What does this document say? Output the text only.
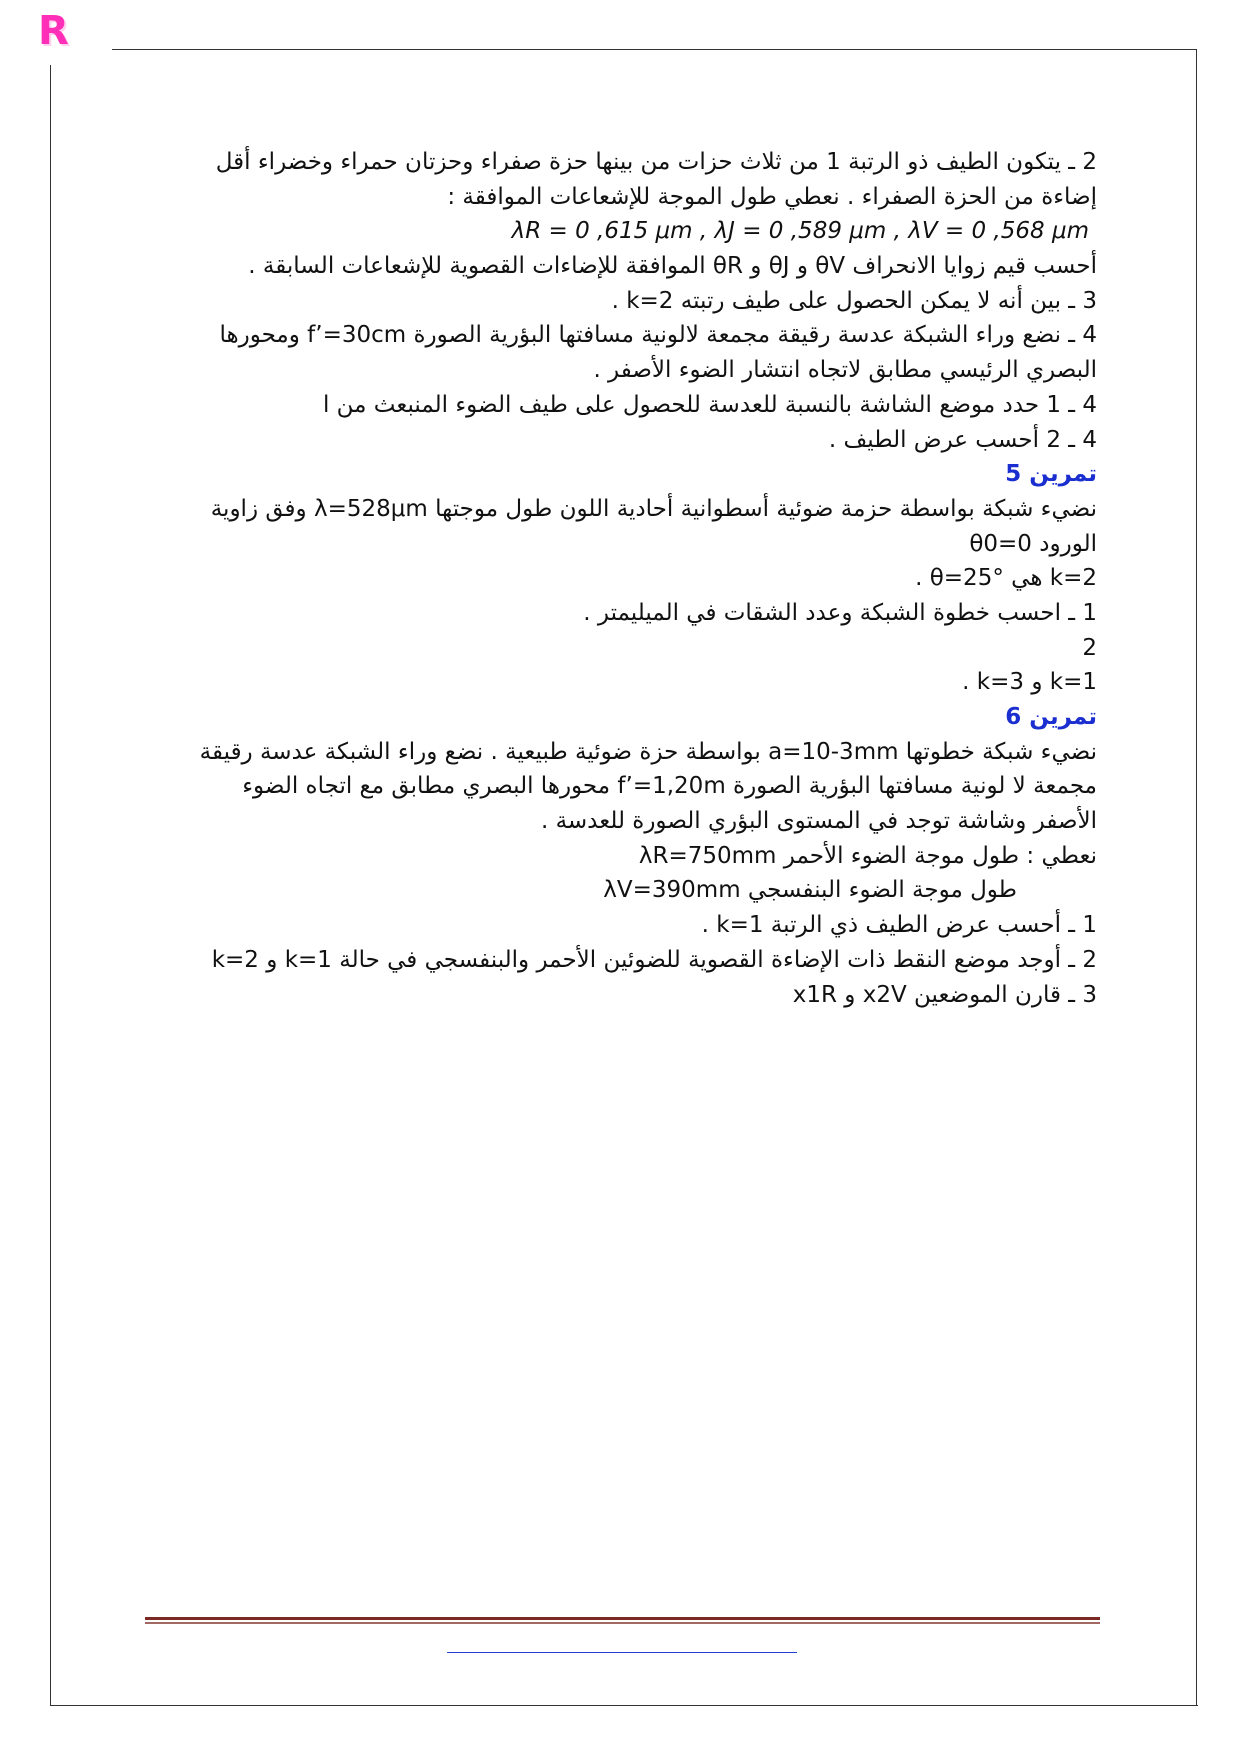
R
2 ـ يتكون الطيف ذو الرتبة 1 من ثلاث حزات من بينها حزة صفراء وحزتان حمراء وخضراء أقل
إضاءة من الحزة الصفراء . نعطي طول الموجة للإشعاعات الموافقة :
λR = 0 ,615 μm , λJ = 0 ,589 μm , λV = 0 ,568 μm
أحسب قيم زوايا الانحراف θV و θJ و θR الموافقة للإضاءات القصوية للإشعاعات السابقة .
3 ـ بين أنه لا يمكن الحصول على طيف رتبته k=2 .
4 ـ نضع وراء الشبكة عدسة رقيقة مجمعة لالونية مسافتها البؤرية الصورة f’=30cm ومحورها
البصري الرئيسي مطابق لاتجاه انتشار الضوء الأصفر .
4 ـ 1 حدد موضع الشاشة بالنسبة للعدسة للحصول على طيف الضوء المنبعث من ا
4 ـ 2 أحسب عرض الطيف .
تمرين 5
نضيء شبكة بواسطة حزمة ضوئية أسطوانية أحادية اللون طول موجتها λ=528μm وفق زاوية
الورود θ0=0
k=2 هي θ=25° .
1 ـ احسب خطوة الشبكة وعدد الشقات في الميليمتر .
2
k=1 و k=3 .
تمرين 6
نضيء شبكة خطوتها a=10-3mm بواسطة حزة ضوئية طبيعية . نضع وراء الشبكة عدسة رقيقة
مجمعة لا لونية مسافتها البؤرية الصورة f’=1,20m محورها البصري مطابق مع اتجاه الضوء
الأصفر وشاشة توجد في المستوى البؤري الصورة للعدسة .
نعطي : طول موجة الضوء الأحمر λR=750mm
طول موجة الضوء البنفسجي λV=390mm
1 ـ أحسب عرض الطيف ذي الرتبة k=1 .
2 ـ أوجد موضع النقط ذات الإضاءة القصوية للضوئين الأحمر والبنفسجي في حالة k=1 و k=2
3 ـ قارن الموضعين x2V و x1R
